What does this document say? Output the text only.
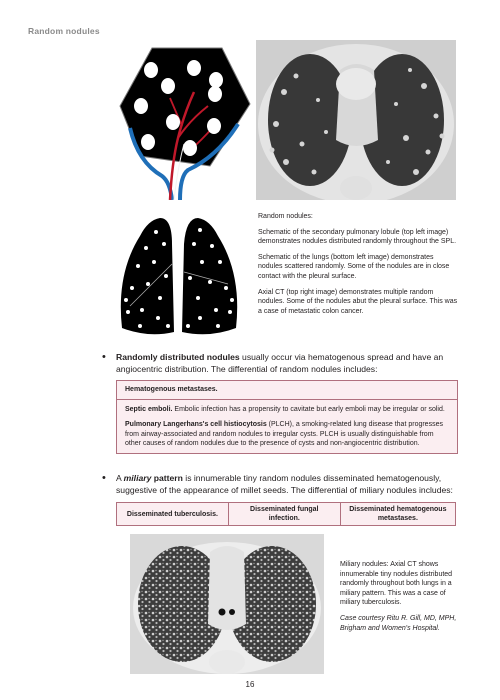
Random nodules

Random nodules:

Schematic of the secondary pulmonary lobule (top left image) demonstrates nodules distributed randomly throughout the SPL.

Schematic of the lungs (bottom left image) demonstrates nodules scattered randomly. Some of the nodules are in close contact with the pleural surface.

Axial CT (top right image) demonstrates multiple random nodules. Some of the nodules abut the pleural surface. This was a case of metastatic colon cancer.

• Randomly distributed nodules usually occur via hematogenous spread and have an angiocentric distribution. The differential of random nodules includes:
Hematogenous metastases.

Septic emboli. Embolic infection has a propensity to cavitate but early emboli may be irregular or solid.

Pulmonary Langerhans's cell histiocytosis (PLCH), a smoking-related lung disease that progresses from airway-associated and random nodules to irregular cysts. PLCH is usually distinguishable from other causes of random nodules due to the presence of cysts and non-angiocentric distribution.

• A miliary pattern is innumerable tiny random nodules disseminated hematogenously, suggestive of the appearance of millet seeds. The differential of miliary nodules includes:
Disseminated tuberculosis.	Disseminated fungal infection.	Disseminated hematogenous metastases.

Miliary nodules: Axial CT shows innumerable tiny nodules distributed randomly throughout both lungs in a miliary pattern. This was a case of miliary tuberculosis.

Case courtesy Ritu R. Gill, MD, MPH, Brigham and Women's Hospital.

16
